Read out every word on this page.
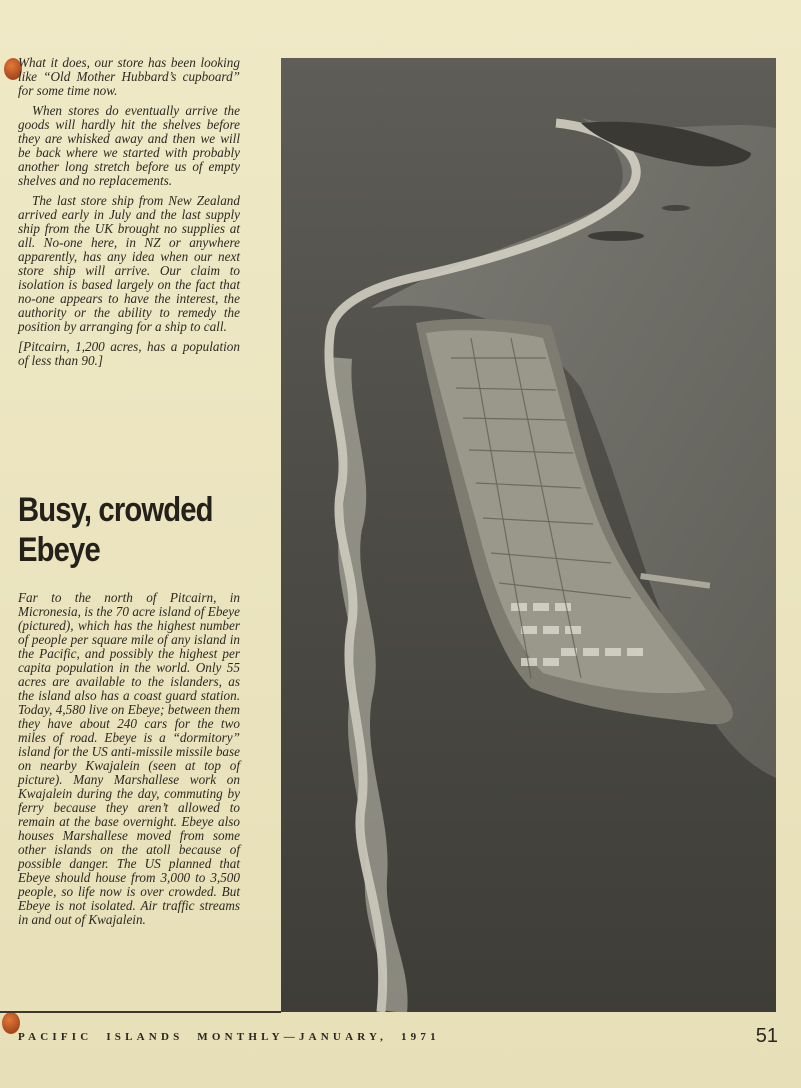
What it does, our store has been looking like “Old Mother Hubbard’s cupboard” for some time now.

When stores do eventually arrive the goods will hardly hit the shelves before they are whisked away and then we will be back where we started with probably another long stretch before us of empty shelves and no replacements.

The last store ship from New Zealand arrived early in July and the last supply ship from the UK brought no supplies at all. No-one here, in NZ or anywhere apparently, has any idea when our next store ship will arrive. Our claim to isolation is based largely on the fact that no-one appears to have the interest, the authority or the ability to remedy the position by arranging for a ship to call.

[Pitcairn, 1,200 acres, has a population of less than 90.]

Busy, crowded
Ebeye
Far to the north of Pitcairn, in Micronesia, is the 70 acre island of Ebeye (pictured), which has the highest number of people per square mile of any island in the Pacific, and possibly the highest per capita population in the world. Only 55 acres are available to the islanders, as the island also has a coast guard station. Today, 4,580 live on Ebeye; between them they have about 240 cars for the two miles of road. Ebeye is a “dormitory” island for the US anti-missile missile base on nearby Kwajalein (seen at top of picture). Many Marshallese work on Kwajalein during the day, commuting by ferry because they aren’t allowed to remain at the base overnight. Ebeye also houses Marshallese moved from some other islands on the atoll because of possible danger. The US planned that Ebeye should house from 3,000 to 3,500 people, so life now is over crowded. But Ebeye is not isolated. Air traffic streams in and out of Kwajalein.
PACIFIC  ISLANDS  MONTHLY—JANUARY,  1971	51
